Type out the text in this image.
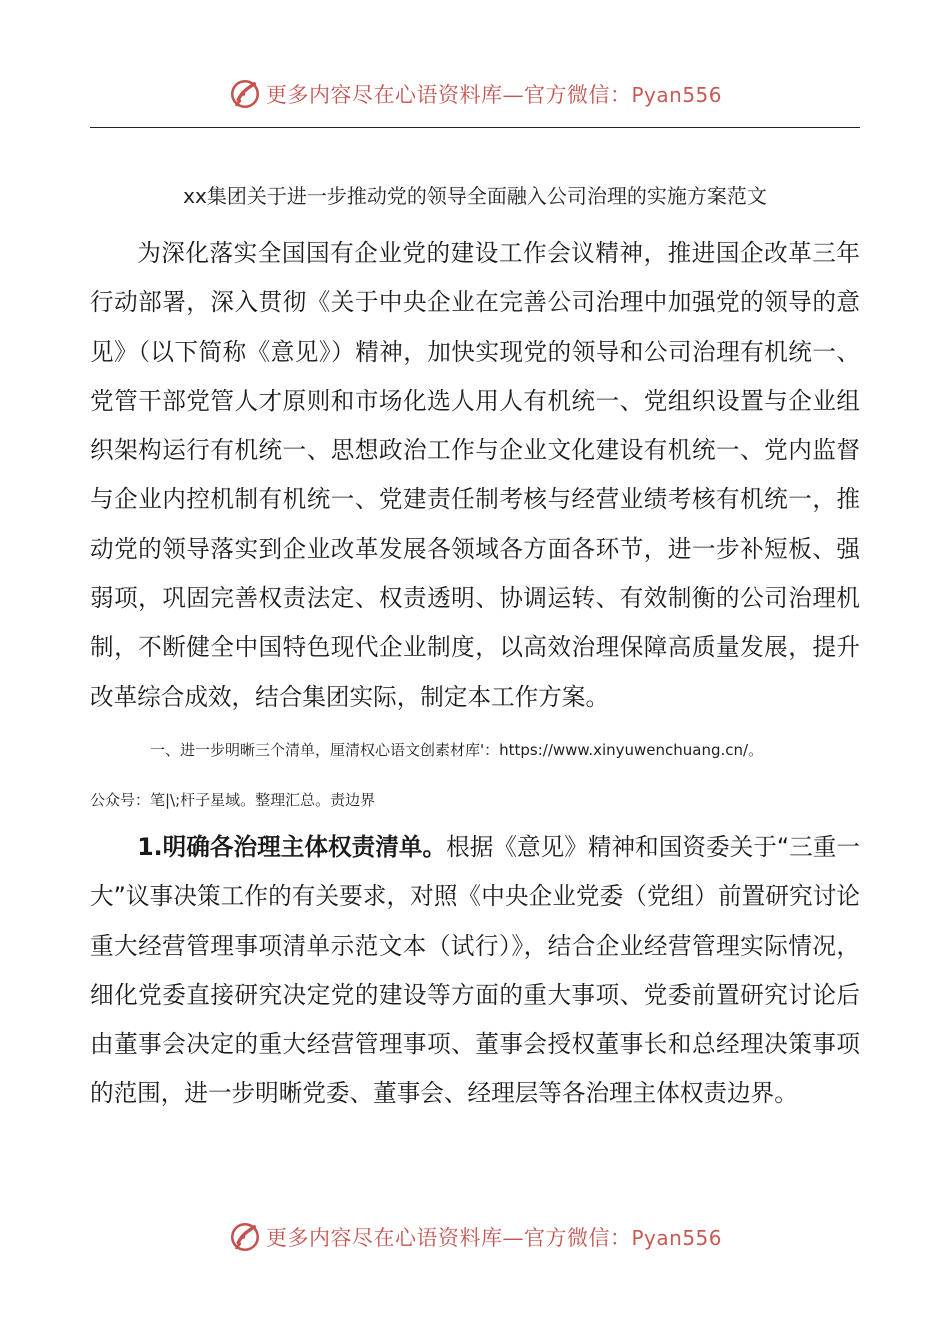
更多内容尽在心语资料库—官方微信：Pyan556
xx集团关于进一步推动党的领导全面融入公司治理的实施方案范文

为深化落实全国国有企业党的建设工作会议精神，推进国企改革三年行动部署，深入贯彻《关于中央企业在完善公司治理中加强党的领导的意见》（以下简称《意见》）精神，加快实现党的领导和公司治理有机统一、党管干部党管人才原则和市场化选人用人有机统一、党组织设置与企业组织架构运行有机统一、思想政治工作与企业文化建设有机统一、党内监督与企业内控机制有机统一、党建责任制考核与经营业绩考核有机统一，推动党的领导落实到企业改革发展各领域各方面各环节，进一步补短板、强弱项，巩固完善权责法定、权责透明、协调运转、有效制衡的公司治理机制，不断健全中国特色现代企业制度，以高效治理保障高质量发展，提升改革综合成效，结合集团实际，制定本工作方案。

一、进一步明晰三个清单，厘清权心语文创素材库'：https://www.xinyuwenchuang.cn/。
公众号：笔|\;杆子星域。整理汇总。责边界

1.明确各治理主体权责清单。根据《意见》精神和国资委关于“三重一大”议事决策工作的有关要求，对照《中央企业党委（党组）前置研究讨论重大经营管理事项清单示范文本（试行）》，结合企业经营管理实际情况，细化党委直接研究决定党的建设等方面的重大事项、党委前置研究讨论后由董事会决定的重大经营管理事项、董事会授权董事长和总经理决策事项的范围，进一步明晰党委、董事会、经理层等各治理主体权责边界。

更多内容尽在心语资料库—官方微信：Pyan556
